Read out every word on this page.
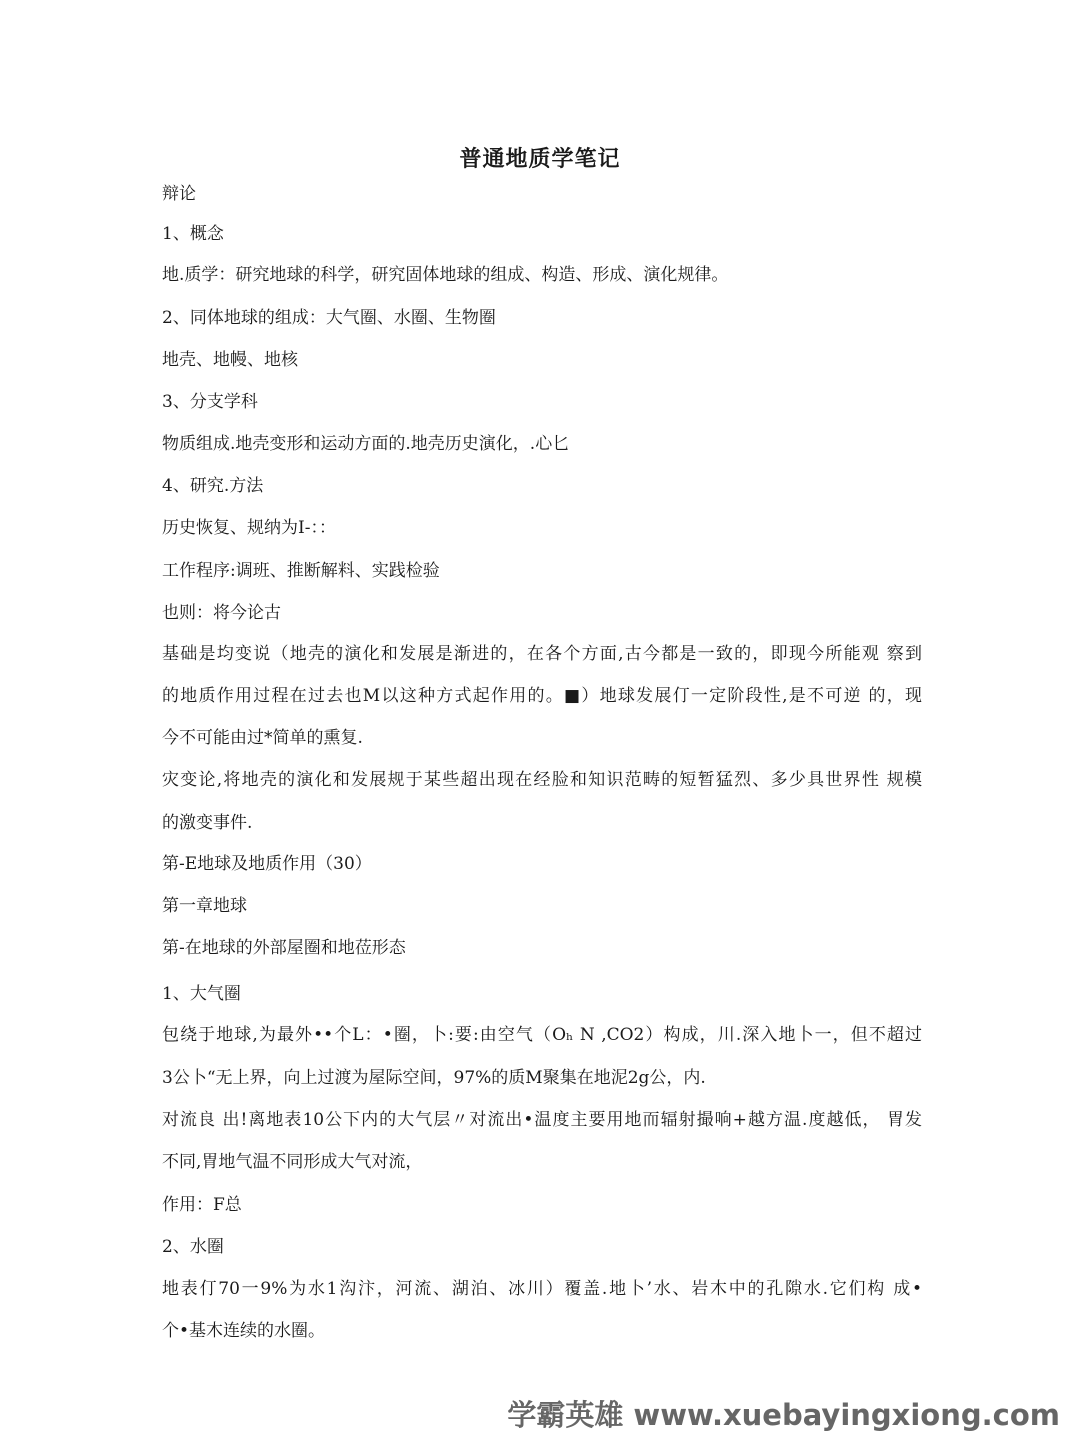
普通地质学笔记
辩论
1、概念
地.质学：研究地球的科学，研究固体地球的组成、构造、形成、演化规律。
2、同体地球的组成：大气圈、水圈、生物圈
地壳、地幔、地核
3、分支学科
物质组成.地壳变形和运动方面的.地壳历史演化，.心匕
4、研究.方法
历史恢复、规纳为I-：：
工作程序:调班、推断解料、实践检验
也则：将今论古
基础是均变说（地壳的演化和发展是渐进的，在各个方面,古今都是一致的，即现今所能观 察到
的地质作用过程在过去也M以这种方式起作用的。■）地球发展仃一定阶段性,是不可逆 的，现
今不可能由过*简单的熏复.
灾变论,将地壳的演化和发展规于某些超出现在经脸和知识范畴的短暂猛烈、多少具世界性 规模
的激变事件.
第-E地球及地质作用（30）
第一章地球
第-在地球的外部屋圈和地莅形态
1、大气圈
包绕于地球,为最外••个L：•圈，卜:要:由空气（Oₕ N ,CO2）构成，川.深入地卜一，但不超过
3公卜“无上界，向上过渡为屋际空间，97%的质M聚集在地泥2g公，内.
对流良 出!离地表10公下内的大气层〃对流出•温度主要用地而辐射撮响+越方温.度越低， 胃发
不同,胃地气温不同形成大气对流，
作用：F总
2、水圈
地表仃70一9%为水1沟汴，河流、湖泊、冰川）覆盖.地卜’水、岩木中的孔隙水.它们构 成•
个•基木连续的水圈。
学霸英雄 www.xuebayingxiong.com
